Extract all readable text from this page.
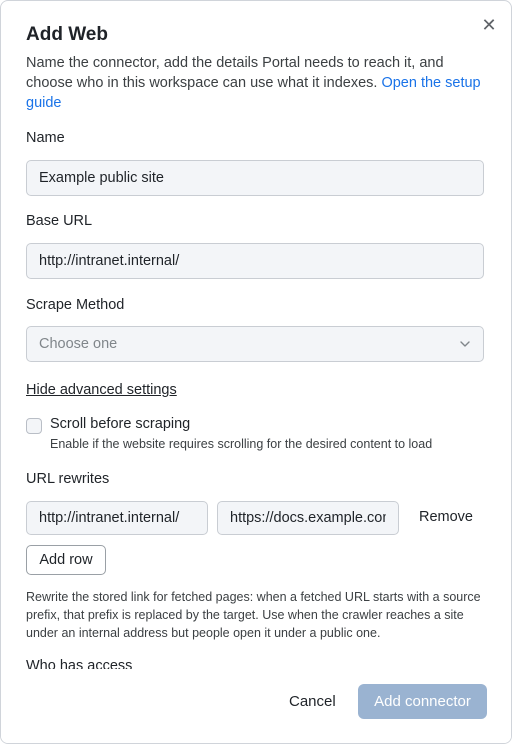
✕
Add Web

Name the connector, add the details Portal needs to reach it, and choose who in this workspace can use what it indexes. Open the setup guide

Name
Example public site
Base URL
http://intranet.internal/
Scrape Method
Choose one
Hide advanced settings
Scroll before scraping
Enable if the website requires scrolling for the desired content to load
URL rewrites
http://intranet.internal/
https://docs.example.com/
Remove
Add row

Rewrite the stored link for fetched pages: when a fetched URL starts with a source prefix, that prefix is replaced by the target. Use when the crawler reaches a site under an internal address but people open it under a public one.

Who has access
Cancel	Add connector
